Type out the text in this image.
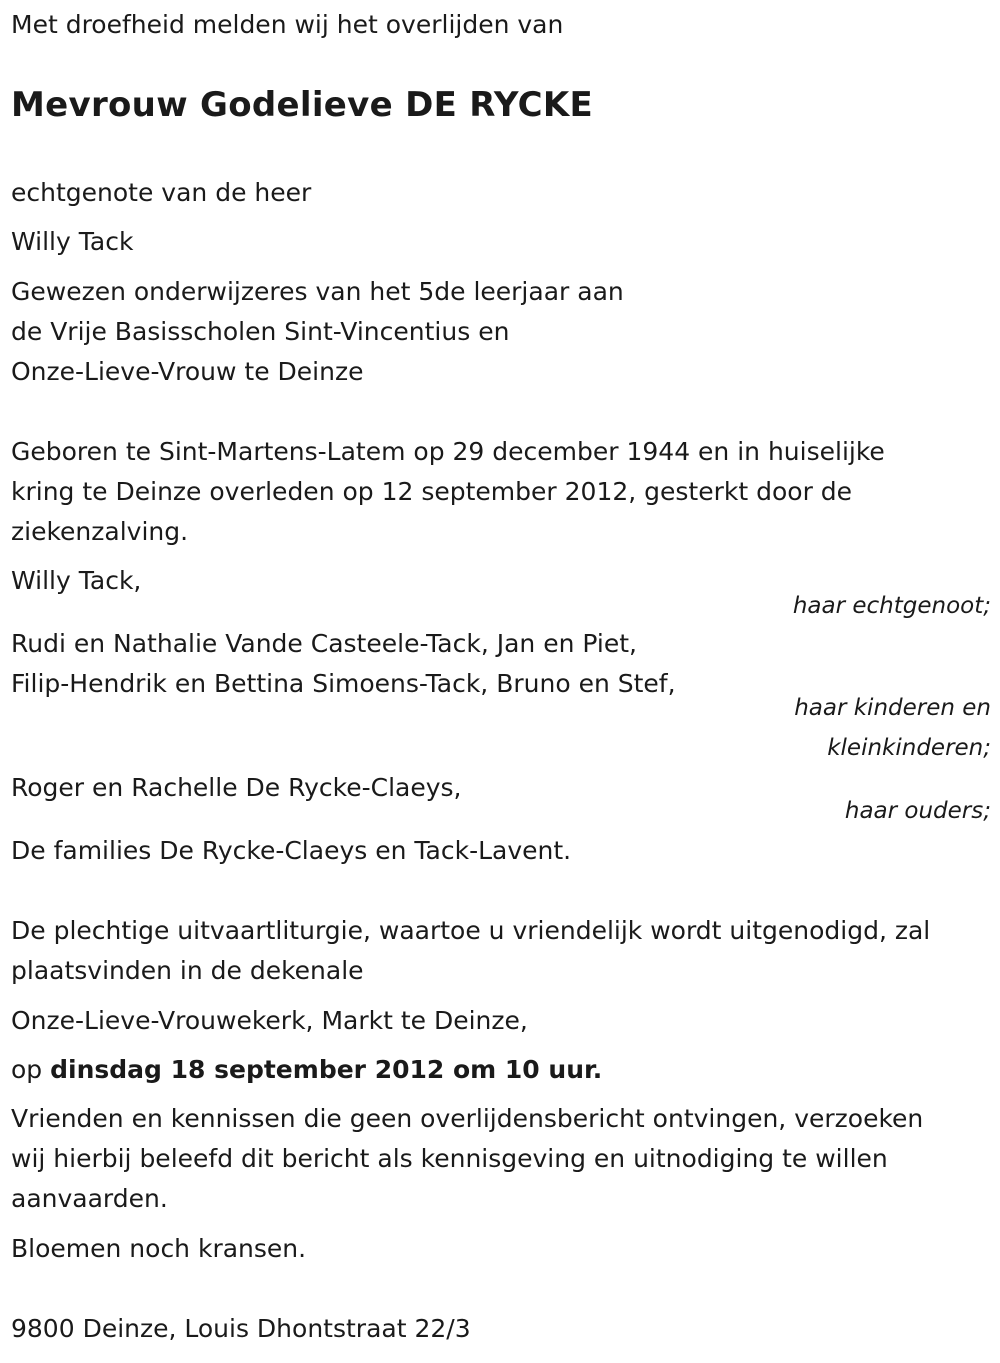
Met droefheid melden wij het overlijden van
Mevrouw Godelieve DE RYCKE
echtgenote van de heer
Willy Tack
Gewezen onderwijzeres van het 5de leerjaar aan
de Vrije Basisscholen Sint-Vincentius en
Onze-Lieve-Vrouw te Deinze
Geboren te Sint-Martens-Latem op 29 december 1944 en in huiselijke
kring te Deinze overleden op 12 september 2012, gesterkt door de
ziekenzalving.
Willy Tack,
haar echtgenoot;
Rudi en Nathalie Vande Casteele-Tack, Jan en Piet,
Filip-Hendrik en Bettina Simoens-Tack, Bruno en Stef,
haar kinderen en
kleinkinderen;
Roger en Rachelle De Rycke-Claeys,
haar ouders;
De families De Rycke-Claeys en Tack-Lavent.
De plechtige uitvaartliturgie, waartoe u vriendelijk wordt uitgenodigd, zal
plaatsvinden in de dekenale
Onze-Lieve-Vrouwekerk, Markt te Deinze,
op dinsdag 18 september 2012 om 10 uur.
Vrienden en kennissen die geen overlijdensbericht ontvingen, verzoeken
wij hierbij beleefd dit bericht als kennisgeving en uitnodiging te willen
aanvaarden.
Bloemen noch kransen.
9800 Deinze, Louis Dhontstraat 22/3
